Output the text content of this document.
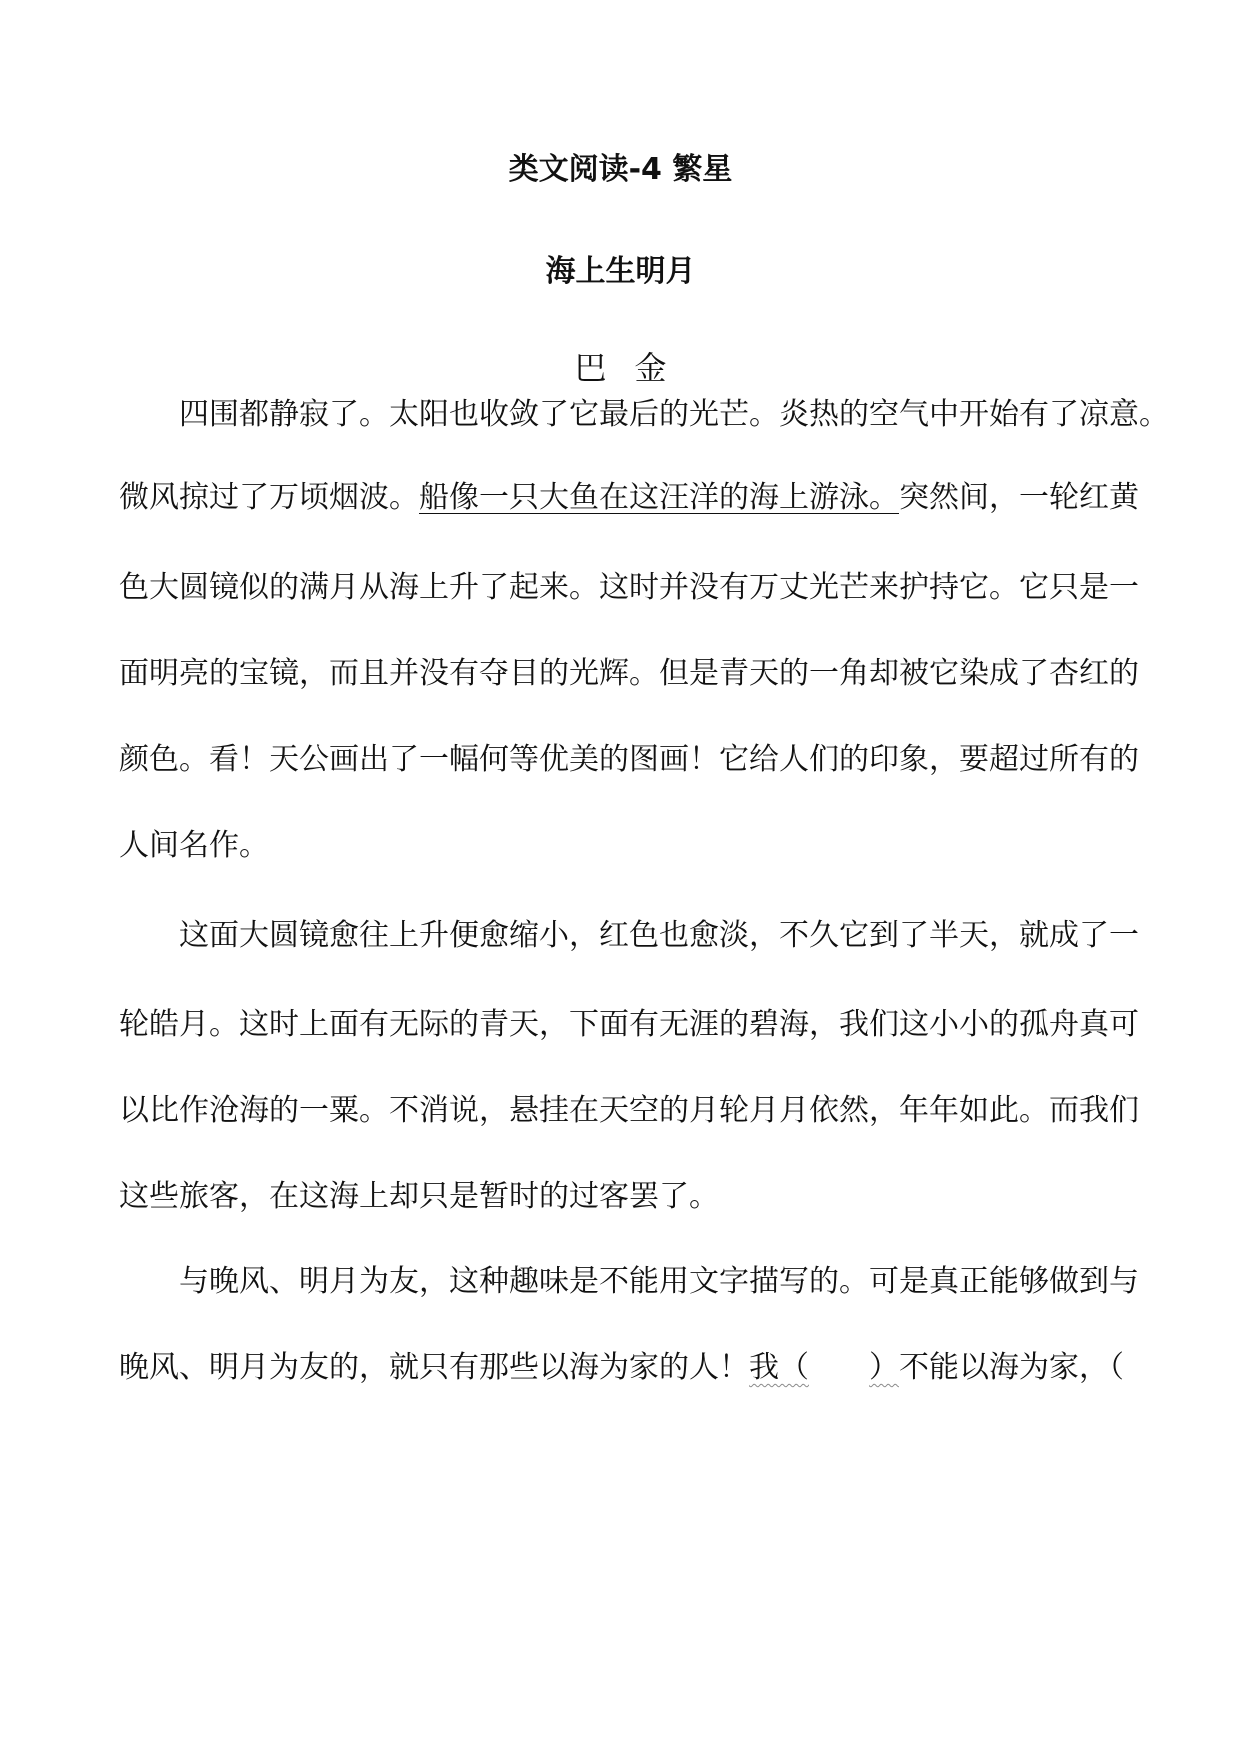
类文阅读-4 繁星
海上生明月
巴金

四围都静寂了。太阳也收敛了它最后的光芒。炎热的空气中开始有了凉意。

微风掠过了万顷烟波。船像一只大鱼在这汪洋的海上游泳。突然间，一轮红黄

色大圆镜似的满月从海上升了起来。这时并没有万丈光芒来护持它。它只是一

面明亮的宝镜，而且并没有夺目的光辉。但是青天的一角却被它染成了杏红的

颜色。看！天公画出了一幅何等优美的图画！它给人们的印象，要超过所有的

人间名作。

这面大圆镜愈往上升便愈缩小，红色也愈淡，不久它到了半天，就成了一

轮皓月。这时上面有无际的青天，下面有无涯的碧海，我们这小小的孤舟真可

以比作沧海的一粟。不消说，悬挂在天空的月轮月月依然，年年如此。而我们

这些旅客，在这海上却只是暂时的过客罢了。

与晚风、明月为友，这种趣味是不能用文字描写的。可是真正能够做到与

晚风、明月为友的，就只有那些以海为家的人！我（ ）不能以海为家，（
